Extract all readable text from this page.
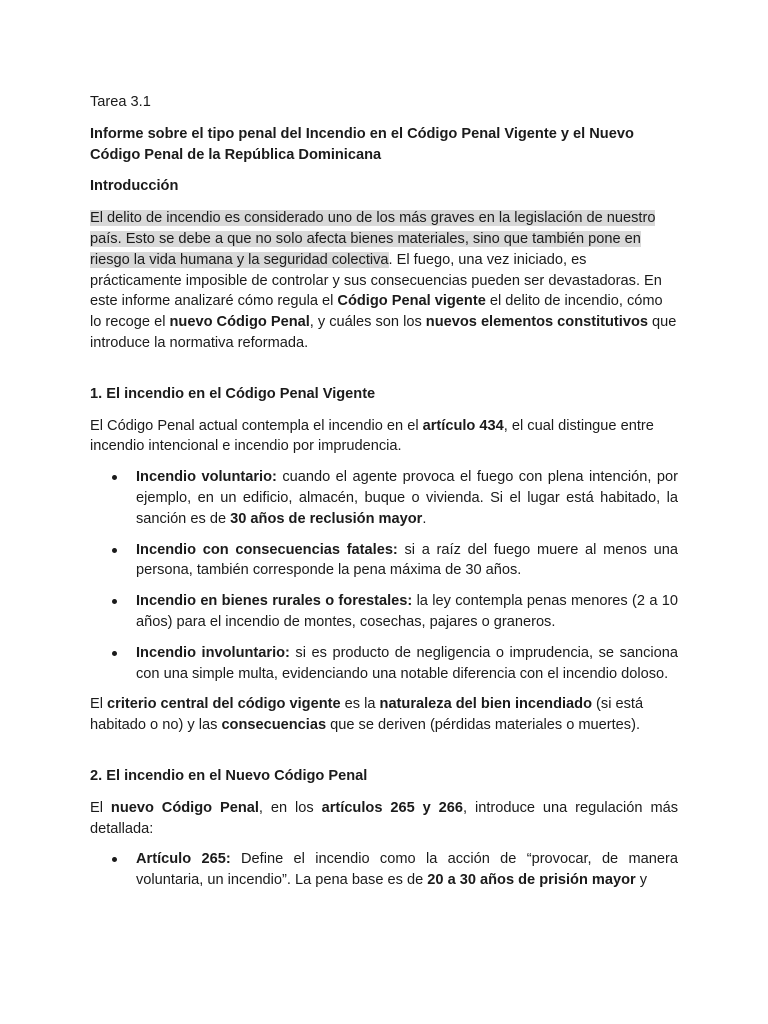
Tarea 3.1

Informe sobre el tipo penal del Incendio en el Código Penal Vigente y el Nuevo Código Penal de la República Dominicana

Introducción

El delito de incendio es considerado uno de los más graves en la legislación de nuestro país. Esto se debe a que no solo afecta bienes materiales, sino que también pone en riesgo la vida humana y la seguridad colectiva. El fuego, una vez iniciado, es prácticamente imposible de controlar y sus consecuencias pueden ser devastadoras. En este informe analizaré cómo regula el Código Penal vigente el delito de incendio, cómo lo recoge el nuevo Código Penal, y cuáles son los nuevos elementos constitutivos que introduce la normativa reformada.

1. El incendio en el Código Penal Vigente

El Código Penal actual contempla el incendio en el artículo 434, el cual distingue entre incendio intencional e incendio por imprudencia.

Incendio voluntario: cuando el agente provoca el fuego con plena intención, por ejemplo, en un edificio, almacén, buque o vivienda. Si el lugar está habitado, la sanción es de 30 años de reclusión mayor.
Incendio con consecuencias fatales: si a raíz del fuego muere al menos una persona, también corresponde la pena máxima de 30 años.
Incendio en bienes rurales o forestales: la ley contempla penas menores (2 a 10 años) para el incendio de montes, cosechas, pajares o graneros.
Incendio involuntario: si es producto de negligencia o imprudencia, se sanciona con una simple multa, evidenciando una notable diferencia con el incendio doloso.

El criterio central del código vigente es la naturaleza del bien incendiado (si está habitado o no) y las consecuencias que se deriven (pérdidas materiales o muertes).

2. El incendio en el Nuevo Código Penal

El nuevo Código Penal, en los artículos 265 y 266, introduce una regulación más detallada:

Artículo 265: Define el incendio como la acción de “provocar, de manera voluntaria, un incendio”. La pena base es de 20 a 30 años de prisión mayor y
